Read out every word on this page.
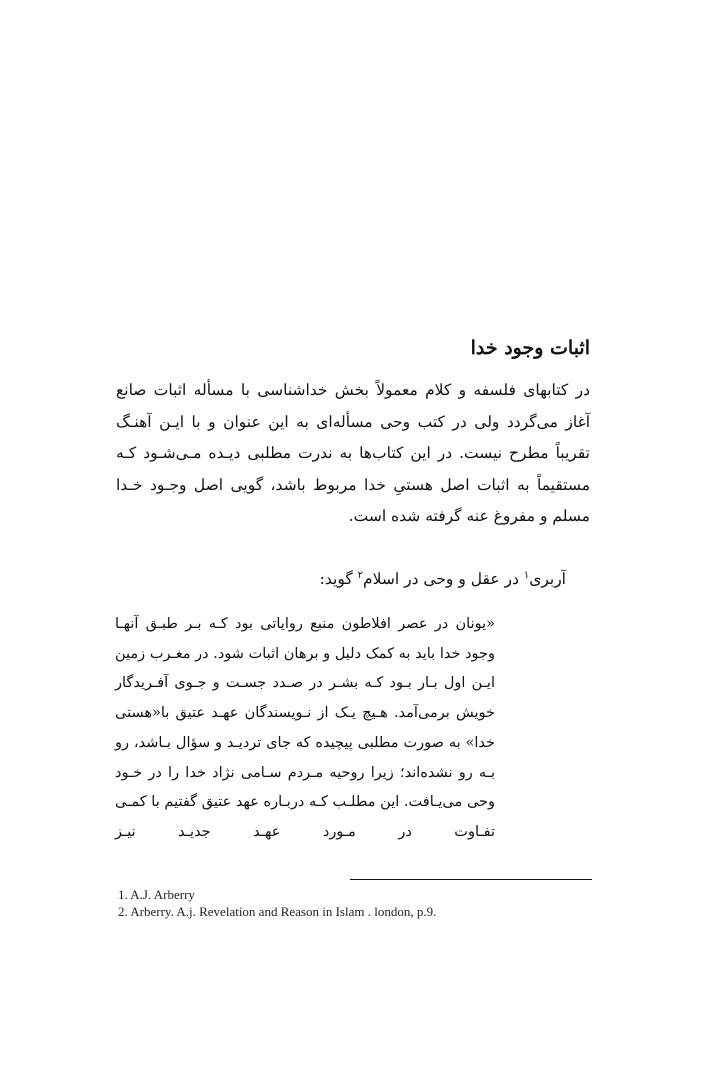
اثبات وجود خدا
در کتابهای فلسفه و کلام معمولاً بخش خداشناسی با مسأله اثبات صانع آغاز می‌گردد ولی در کتب وحی مسأله‌ای به این عنوان و با ایـن آهنـگ تقریباً مطرح نیست. در این کتاب‌ها به ندرت مطلبی دیـده مـی‌شـود کـه مستقیماً به اثبات اصل هستیِ خدا مربوط باشد، گویی اصل وجـود خـدا مسلم و مفروغ عنه گرفته شده است.
آربری$^۱$ در عقل و وحی در اسلام$^۲$ گوید:
«یونان در عصر افلاطون منبع روایاتی بود کـه بـر طبـق آنهـا وجود خدا باید به کمک دلیل و برهان اثبات شود. در مغـرب زمین ایـن اول بـار بـود کـه بشـر در صـدد جسـت و جـوی آفـریدگار خویش برمی‌آمد. هـیچ یـک از نـویسندگان عهـد عتیق با«هستی خدا» به صورت مطلبی پیچیده که جای تردیـد و سؤال بـاشد، رو بـه رو نشده‌اند؛ زیرا روحیه مـردم سـامی نژاد خدا را در خـود وحی می‌یـافت. این مطلـب کـه دربـاره عهد عتیق گفتیم با کمـی تفـاوت در مـورد عهـد جدیـد نیـز
1. A.J. Arberry
2. Arberry. A.j. Revelation and Reason in Islam . london, p.9.
